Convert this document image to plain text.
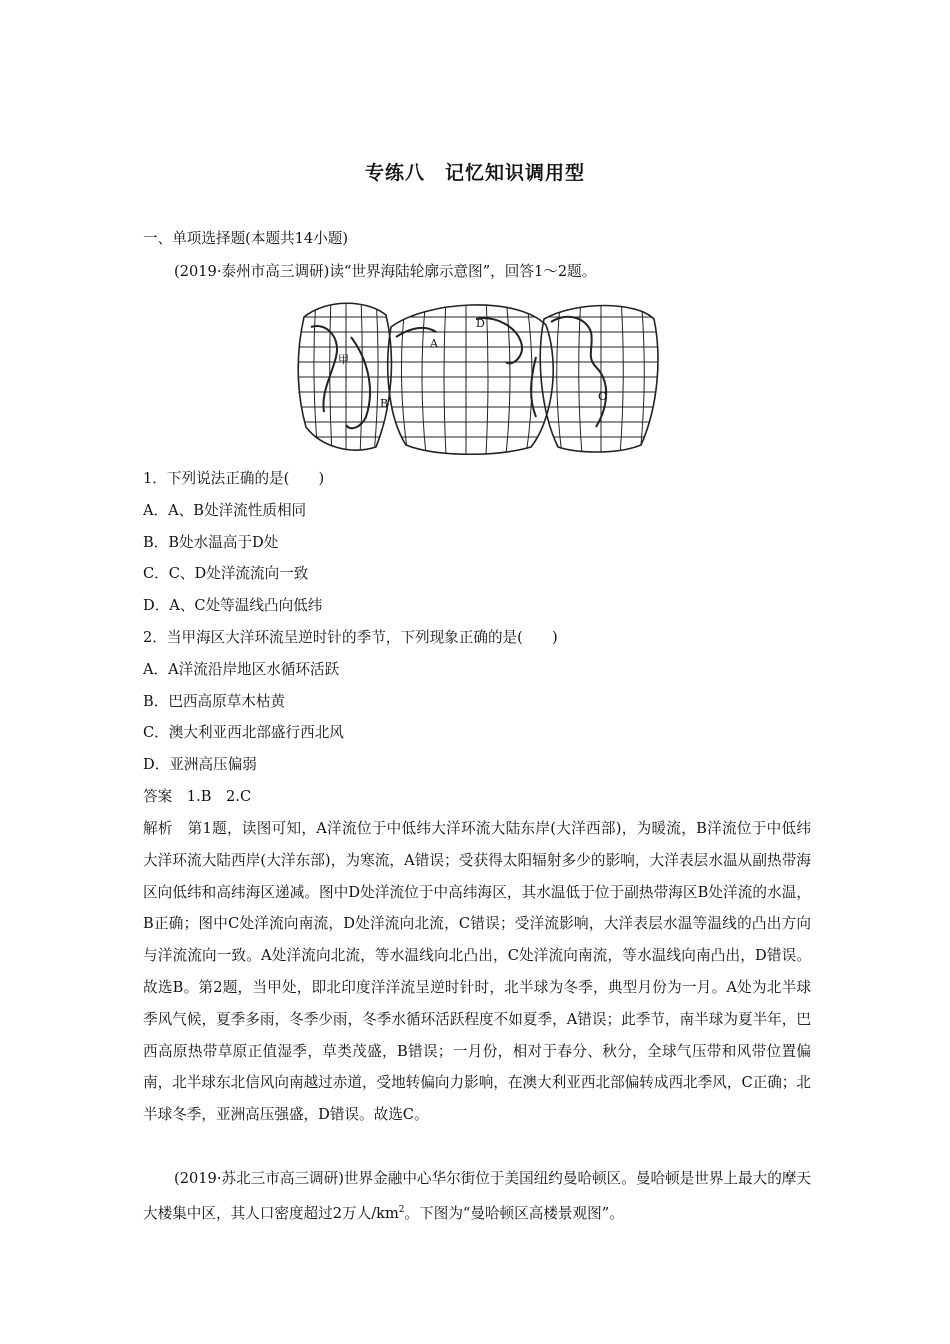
专练八　记忆知识调用型
一、单项选择题(本题共14小题)
(2019·泰州市高三调研)读“世界海陆轮廓示意图”，回答1～2题。
甲
A
B
C
D
1．下列说法正确的是(　　)
A．A、B处洋流性质相同
B．B处水温高于D处
C．C、D处洋流流向一致
D．A、C处等温线凸向低纬
2．当甲海区大洋环流呈逆时针的季节，下列现象正确的是(　　)
A．A洋流沿岸地区水循环活跃
B．巴西高原草木枯黄
C．澳大利亚西北部盛行西北风
D．亚洲高压偏弱
答案　1.B　2.C
解析　第1题，读图可知，A洋流位于中低纬大洋环流大陆东岸(大洋西部)，为暖流，B洋流位于中低纬大洋环流大陆西岸(大洋东部)，为寒流，A错误；受获得太阳辐射多少的影响，大洋表层水温从副热带海区向低纬和高纬海区递减。图中D处洋流位于中高纬海区，其水温低于位于副热带海区B处洋流的水温，B正确；图中C处洋流向南流，D处洋流向北流，C错误；受洋流影响，大洋表层水温等温线的凸出方向与洋流流向一致。A处洋流向北流，等水温线向北凸出，C处洋流向南流，等水温线向南凸出，D错误。故选B。第2题，当甲处，即北印度洋洋流呈逆时针时，北半球为冬季，典型月份为一月。A处为北半球季风气候，夏季多雨，冬季少雨，冬季水循环活跃程度不如夏季，A错误；此季节，南半球为夏半年，巴西高原热带草原正值湿季，草类茂盛，B错误；一月份，相对于春分、秋分，全球气压带和风带位置偏南，北半球东北信风向南越过赤道，受地转偏向力影响，在澳大利亚西北部偏转成西北季风，C正确；北半球冬季，亚洲高压强盛，D错误。故选C。
(2019·苏北三市高三调研)世界金融中心华尔街位于美国纽约曼哈顿区。曼哈顿是世界上最大的摩天大楼集中区，其人口密度超过2万人$/km^2$。下图为“曼哈顿区高楼景观图”。
